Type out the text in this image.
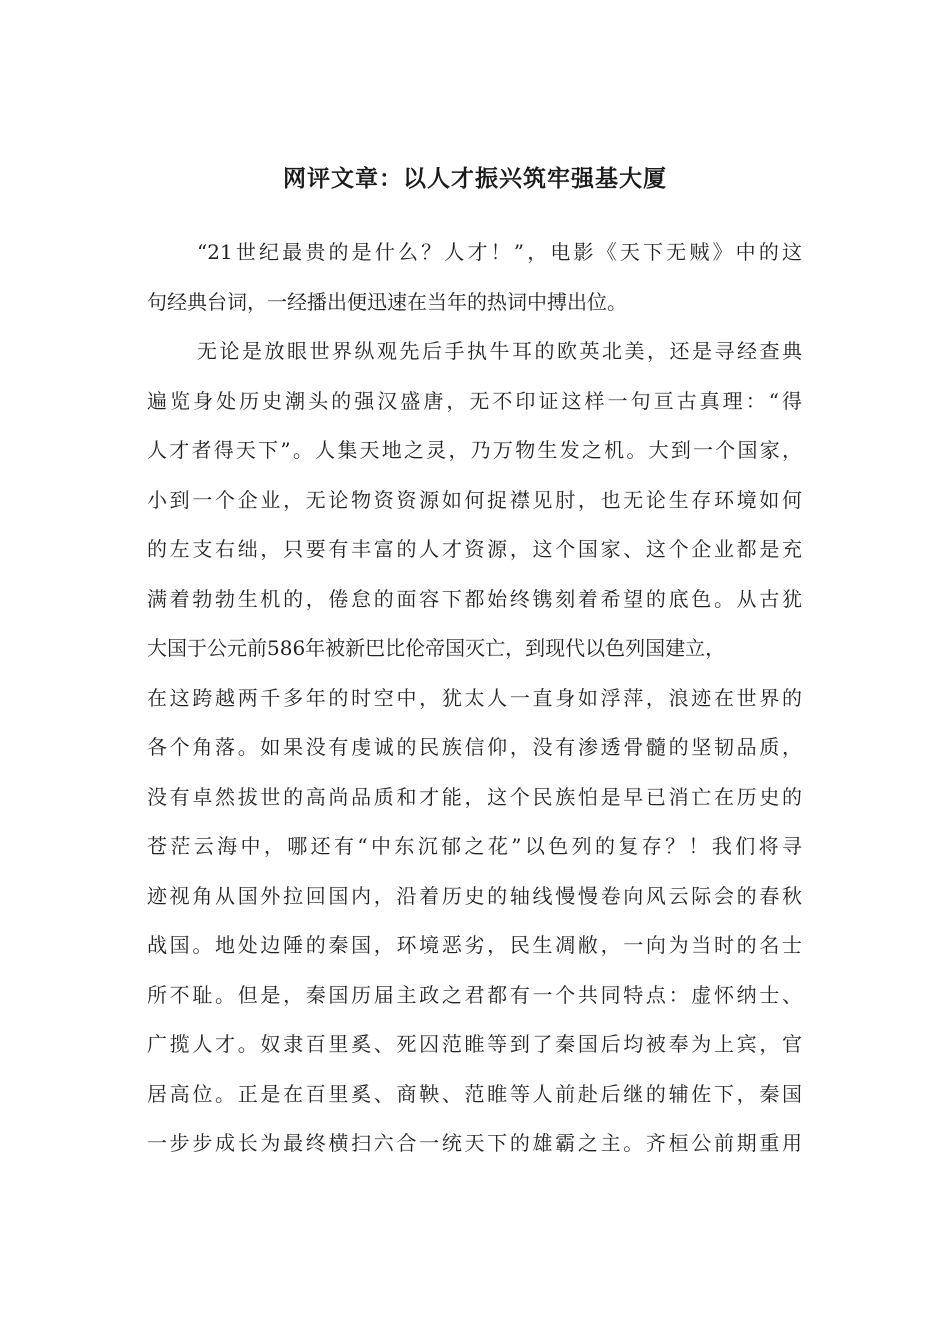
网评文章：以人才振兴筑牢强基大厦
“21世纪最贵的是什么？人才！”，电影《天下无贼》中的这
句经典台词，一经播出便迅速在当年的热词中搏出位。
无论是放眼世界纵观先后手执牛耳的欧英北美，还是寻经查典
遍览身处历史潮头的强汉盛唐，无不印证这样一句亘古真理：“得
人才者得天下”。人集天地之灵，乃万物生发之机。大到一个国家，
小到一个企业，无论物资资源如何捉襟见肘，也无论生存环境如何
的左支右绌，只要有丰富的人才资源，这个国家、这个企业都是充
满着勃勃生机的，倦怠的面容下都始终镌刻着希望的底色。从古犹
大国于公元前586年被新巴比伦帝国灭亡，到现代以色列国建立，
在这跨越两千多年的时空中，犹太人一直身如浮萍，浪迹在世界的
各个角落。如果没有虔诚的民族信仰，没有渗透骨髓的坚韧品质，
没有卓然拔世的高尚品质和才能，这个民族怕是早已消亡在历史的
苍茫云海中，哪还有“中东沉郁之花”以色列的复存？！我们将寻
迹视角从国外拉回国内，沿着历史的轴线慢慢卷向风云际会的春秋
战国。地处边陲的秦国，环境恶劣，民生凋敝，一向为当时的名士
所不耻。但是，秦国历届主政之君都有一个共同特点：虚怀纳士、
广揽人才。奴隶百里奚、死囚范睢等到了秦国后均被奉为上宾，官
居高位。正是在百里奚、商鞅、范睢等人前赴后继的辅佐下，秦国
一步步成长为最终横扫六合一统天下的雄霸之主。齐桓公前期重用
